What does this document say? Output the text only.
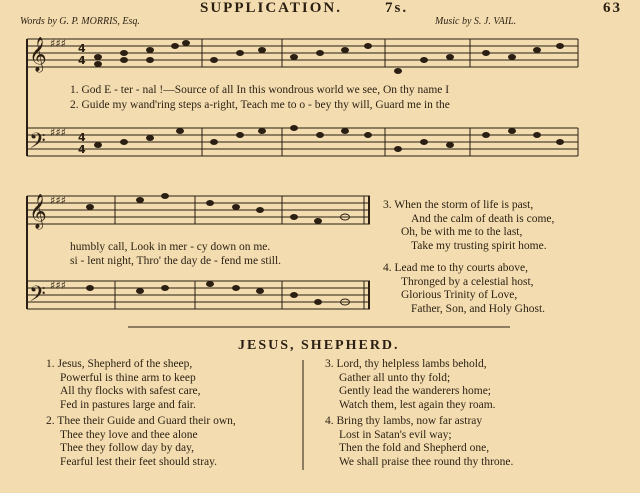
SUPPLICATION.	7s.	63
Words by G. P. MORRIS, Esq.	Music by S. J. VAIL.
𝄞
𝄢
𝄞
𝄢
♯♯♯
♯♯♯
♯♯♯
♯♯♯
4
4
4
4
1. God E - ter - nal !—Source of all In this wondrous world we see, On thy name I
2. Guide my wand'ring steps a-right, Teach me to o - bey thy will, Guard me in the
humbly call, Look in mer - cy down on me.
si - lent night, Thro' the day de - fend me still.
3. When the storm of life is past,
And the calm of death is come,
Oh, be with me to the last,
Take my trusting spirit home.
4. Lead me to thy courts above,
Thronged by a celestial host,
Glorious Trinity of Love,
Father, Son, and Holy Ghost.
JESUS, SHEPHERD.
1. Jesus, Shepherd of the sheep,
Powerful is thine arm to keep
All thy flocks with safest care,
Fed in pastures large and fair.
2. Thee their Guide and Guard their own,
Thee they love and thee alone
Thee they follow day by day,
Fearful lest their feet should stray.
3. Lord, thy helpless lambs behold,
Gather all unto thy fold;
Gently lead the wanderers home;
Watch them, lest again they roam.
4. Bring thy lambs, now far astray
Lost in Satan's evil way;
Then the fold and Shepherd one,
We shall praise thee round thy throne.
